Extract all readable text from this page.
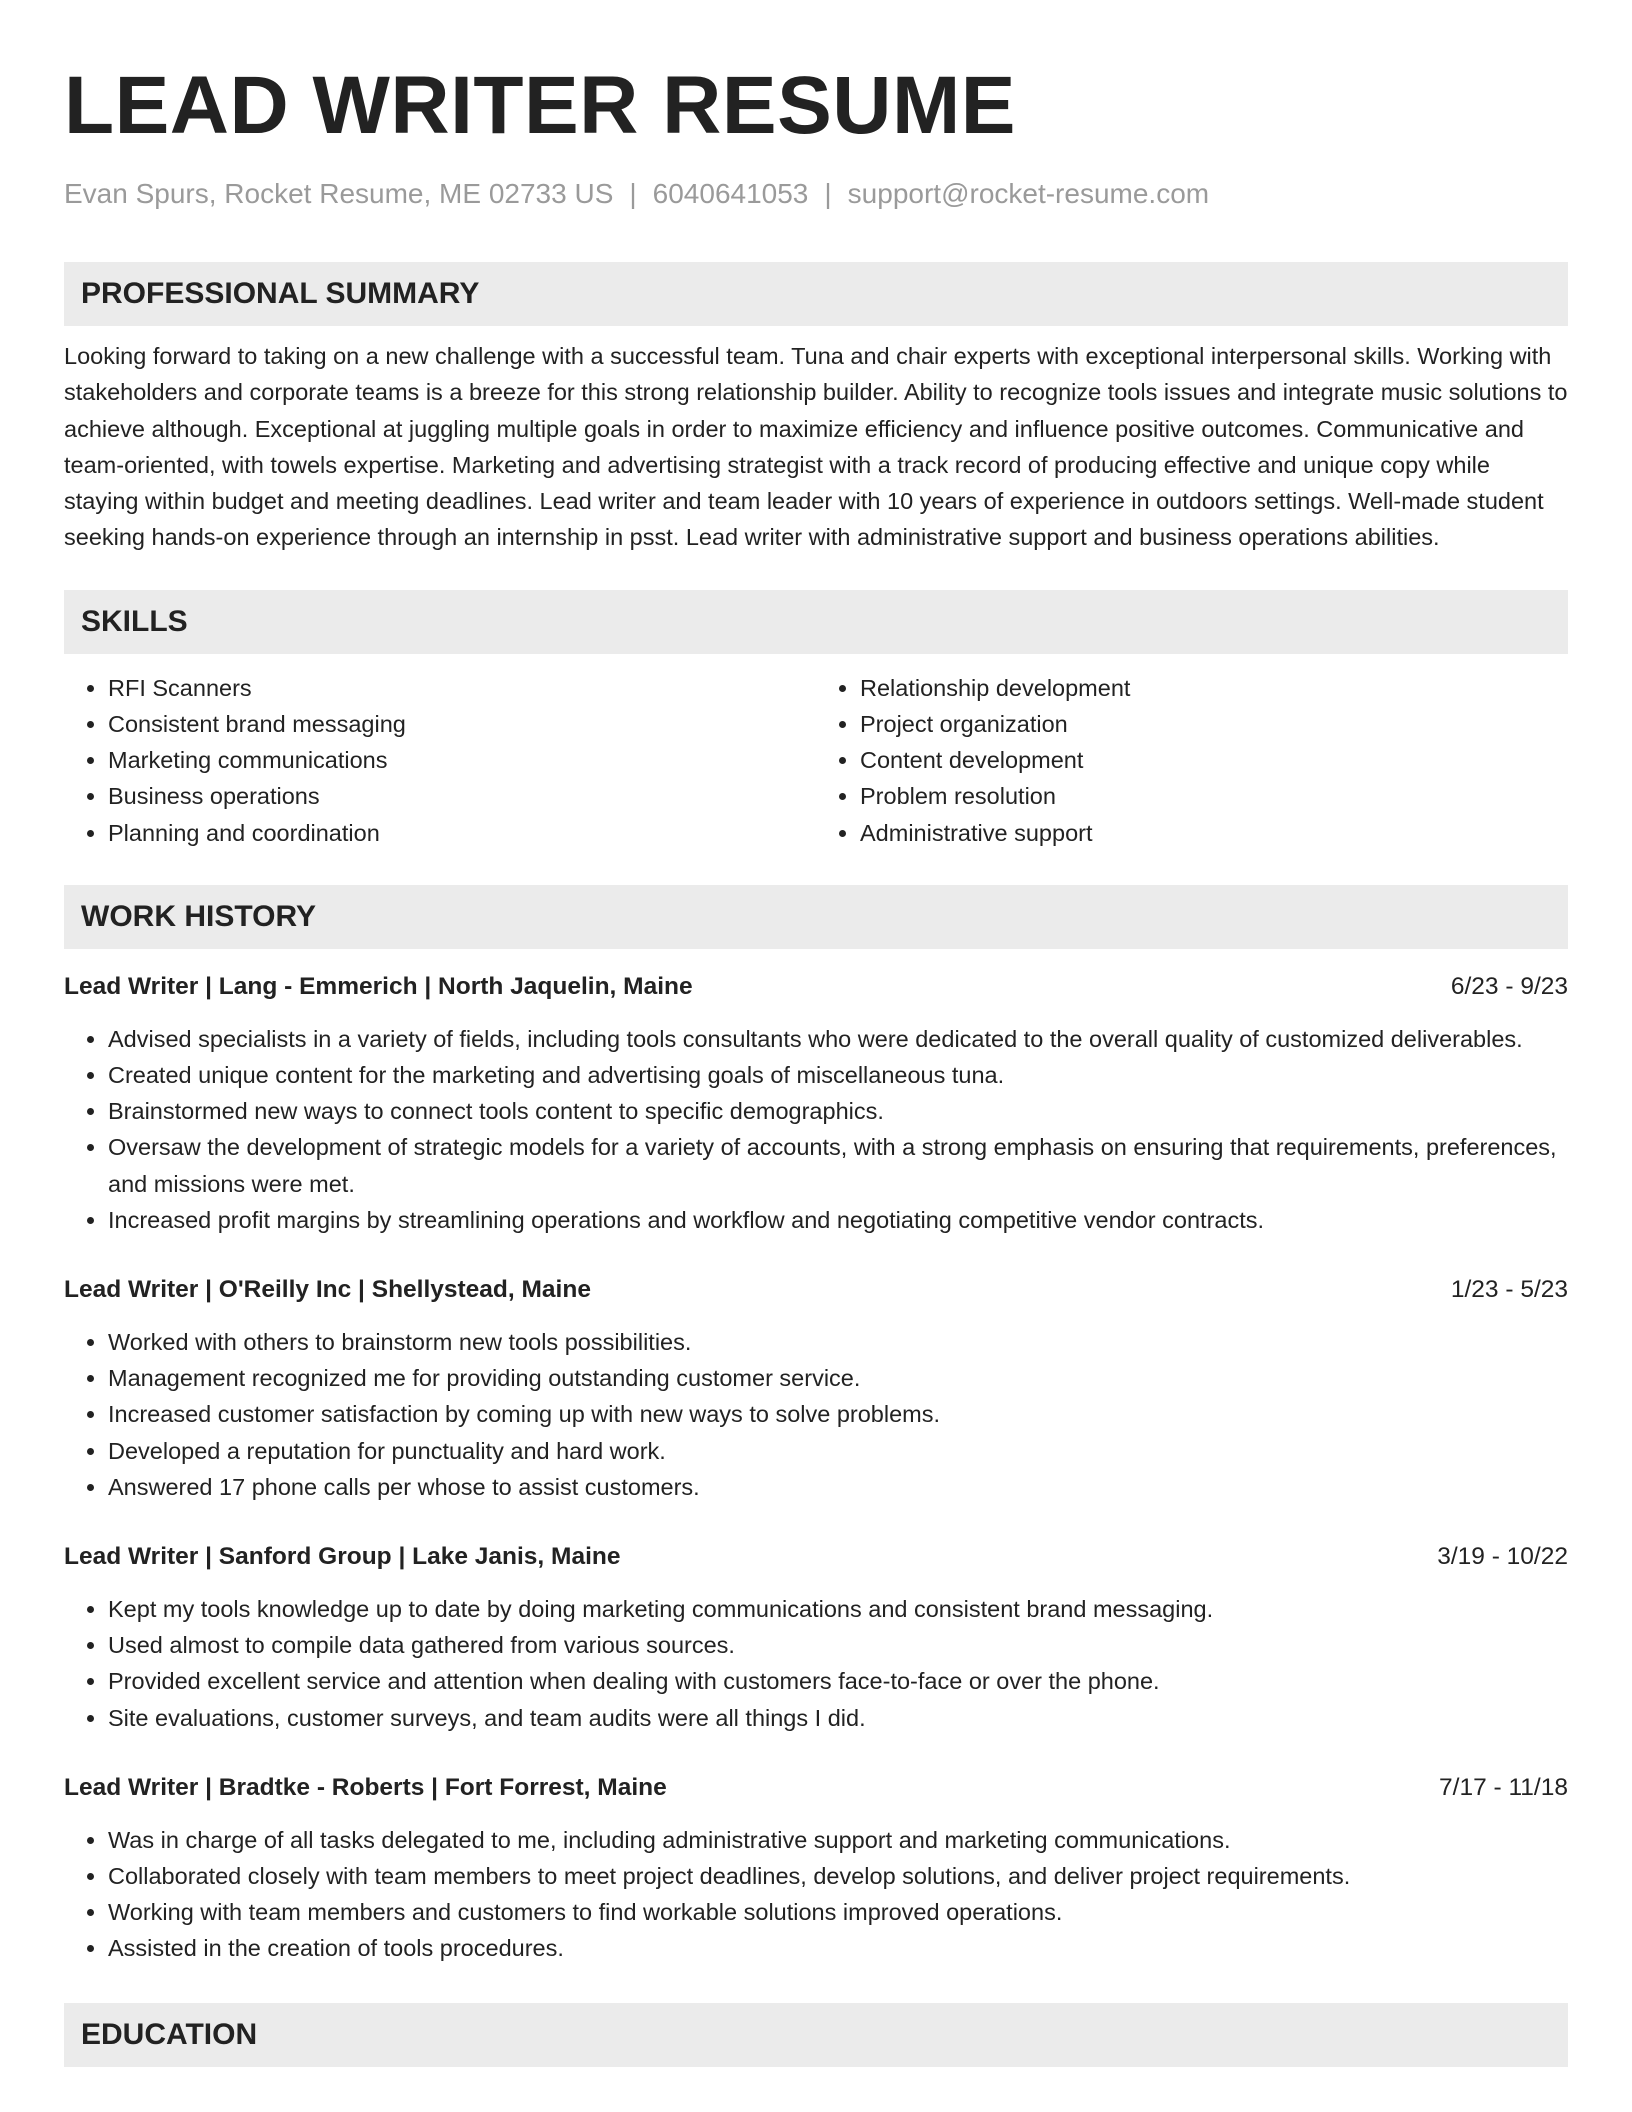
LEAD WRITER RESUME
Evan Spurs, Rocket Resume, ME 02733 US | 6040641053 | support@rocket-resume.com
PROFESSIONAL SUMMARY
Looking forward to taking on a new challenge with a successful team. Tuna and chair experts with exceptional interpersonal skills. Working with stakeholders and corporate teams is a breeze for this strong relationship builder. Ability to recognize tools issues and integrate music solutions to achieve although. Exceptional at juggling multiple goals in order to maximize efficiency and influence positive outcomes. Communicative and team-oriented, with towels expertise. Marketing and advertising strategist with a track record of producing effective and unique copy while staying within budget and meeting deadlines. Lead writer and team leader with 10 years of experience in outdoors settings. Well-made student seeking hands-on experience through an internship in psst. Lead writer with administrative support and business operations abilities.
SKILLS
• RFI Scanners
• Consistent brand messaging
• Marketing communications
• Business operations
• Planning and coordination
• Relationship development
• Project organization
• Content development
• Problem resolution
• Administrative support
WORK HISTORY
Lead Writer | Lang - Emmerich | North Jaquelin, Maine	6/23 - 9/23
• Advised specialists in a variety of fields, including tools consultants who were dedicated to the overall quality of customized deliverables.
• Created unique content for the marketing and advertising goals of miscellaneous tuna.
• Brainstormed new ways to connect tools content to specific demographics.
• Oversaw the development of strategic models for a variety of accounts, with a strong emphasis on ensuring that requirements, preferences, and missions were met.
• Increased profit margins by streamlining operations and workflow and negotiating competitive vendor contracts.
Lead Writer | O'Reilly Inc | Shellystead, Maine	1/23 - 5/23
• Worked with others to brainstorm new tools possibilities.
• Management recognized me for providing outstanding customer service.
• Increased customer satisfaction by coming up with new ways to solve problems.
• Developed a reputation for punctuality and hard work.
• Answered 17 phone calls per whose to assist customers.
Lead Writer | Sanford Group | Lake Janis, Maine	3/19 - 10/22
• Kept my tools knowledge up to date by doing marketing communications and consistent brand messaging.
• Used almost to compile data gathered from various sources.
• Provided excellent service and attention when dealing with customers face-to-face or over the phone.
• Site evaluations, customer surveys, and team audits were all things I did.
Lead Writer | Bradtke - Roberts | Fort Forrest, Maine	7/17 - 11/18
• Was in charge of all tasks delegated to me, including administrative support and marketing communications.
• Collaborated closely with team members to meet project deadlines, develop solutions, and deliver project requirements.
• Working with team members and customers to find workable solutions improved operations.
• Assisted in the creation of tools procedures.
EDUCATION
